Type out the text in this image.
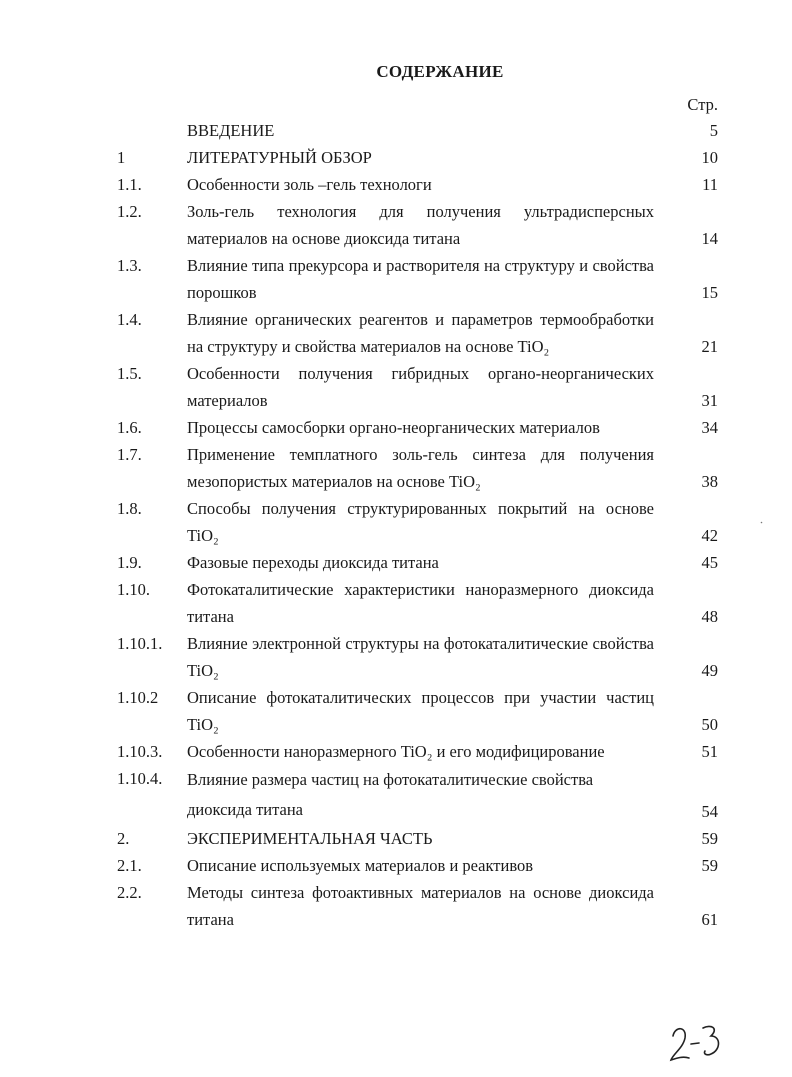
СОДЕРЖАНИЕ
Стр.
ВВЕДЕНИЕ	5
1	ЛИТЕРАТУРНЫЙ ОБЗОР	10
1.1.	Особенности золь –гель технологи	11
1.2.	Золь-гель технология для получения ультрадисперсных материалов на основе диоксида титана	14
1.3.	Влияние типа прекурсора и растворителя на структуру и свойства порошков	15
1.4.	Влияние органических реагентов и параметров термообработки на структуру и свойства материалов на основе TiO₂	21
1.5.	Особенности получения гибридных органо-неорганических материалов	31
1.6.	Процессы самосборки органо-неорганических материалов	34
1.7.	Применение темплатного золь-гель синтеза для получения мезопористых материалов на основе TiO₂	38
1.8.	Способы получения структурированных покрытий на основе TiO₂	42
1.9.	Фазовые переходы диоксида титана	45
1.10. Фотокаталитические характеристики наноразмерного диоксида титана	48
1.10.1. Влияние электронной структуры на фотокаталитические свойства TiO₂	49
1.10.2 Описание фотокаталитических процессов при участии частиц TiO₂	50
1.10.3. Особенности наноразмерного TiO₂ и его модифицирование	51
1.10.4. Влияние размера частиц на фотокаталитические свойства диоксида титана	54
2.	ЭКСПЕРИМЕНТАЛЬНАЯ ЧАСТЬ	59
2.1.	Описание используемых материалов и реактивов	59
2.2.	Методы синтеза фотоактивных материалов на основе диоксида титана	61
